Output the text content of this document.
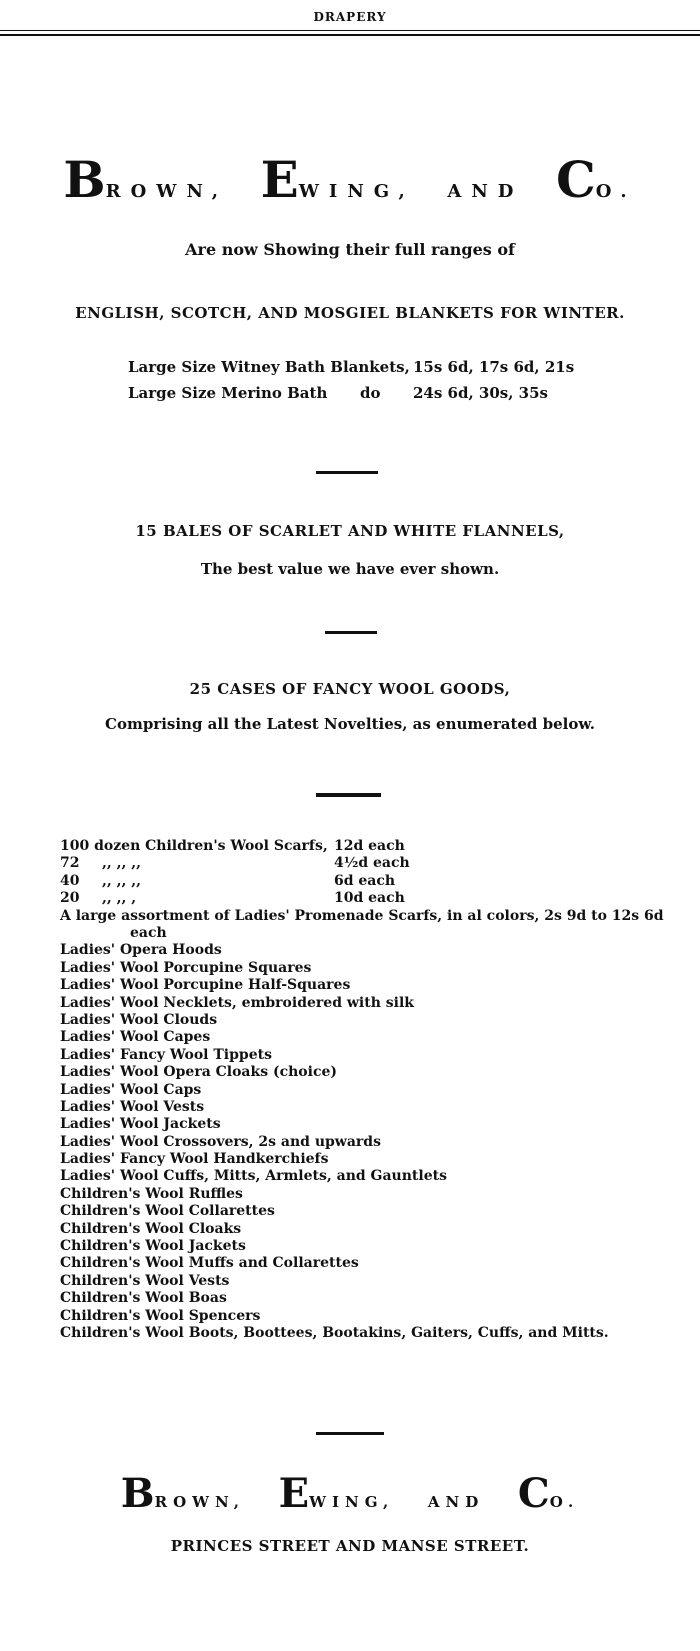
DRAPERY
BROWN, EWING, AND CO.
Are now Showing their full ranges of
ENGLISH, SCOTCH, AND MOSGIEL BLANKETS FOR WINTER.
Large Size Witney Bath Blankets, 15s 6d, 17s 6d, 21s
Large Size Merino Bath do 24s 6d, 30s, 35s
15 BALES OF SCARLET AND WHITE FLANNELS,
The best value we have ever shown.
25 CASES OF FANCY WOOL GOODS,
Comprising all the Latest Novelties, as enumerated below.
100 dozen Children's Wool Scarfs, 12d each
72 ,, ,, ,,	4½d each
40 ,, ,, ,,	6d each
20 ,, ,, ,	10d each
A large assortment of Ladies' Promenade Scarfs, in al colors, 2s 9d to 12s 6d
each
Ladies' Opera Hoods
Ladies' Wool Porcupine Squares
Ladies' Wool Porcupine Half-Squares
Ladies' Wool Necklets, embroidered with silk
Ladies' Wool Clouds
Ladies' Wool Capes
Ladies' Fancy Wool Tippets
Ladies' Wool Opera Cloaks (choice)
Ladies' Wool Caps
Ladies' Wool Vests
Ladies' Wool Jackets
Ladies' Wool Crossovers, 2s and upwards
Ladies' Fancy Wool Handkerchiefs
Ladies' Wool Cuffs, Mitts, Armlets, and Gauntlets
Children's Wool Ruffles
Children's Wool Collarettes
Children's Wool Cloaks
Children's Wool Jackets
Children's Wool Muffs and Collarettes
Children's Wool Vests
Children's Wool Boas
Children's Wool Spencers
Children's Wool Boots, Boottees, Bootakins, Gaiters, Cuffs, and Mitts.
BROWN, EWING, AND CO.
PRINCES STREET AND MANSE STREET.
